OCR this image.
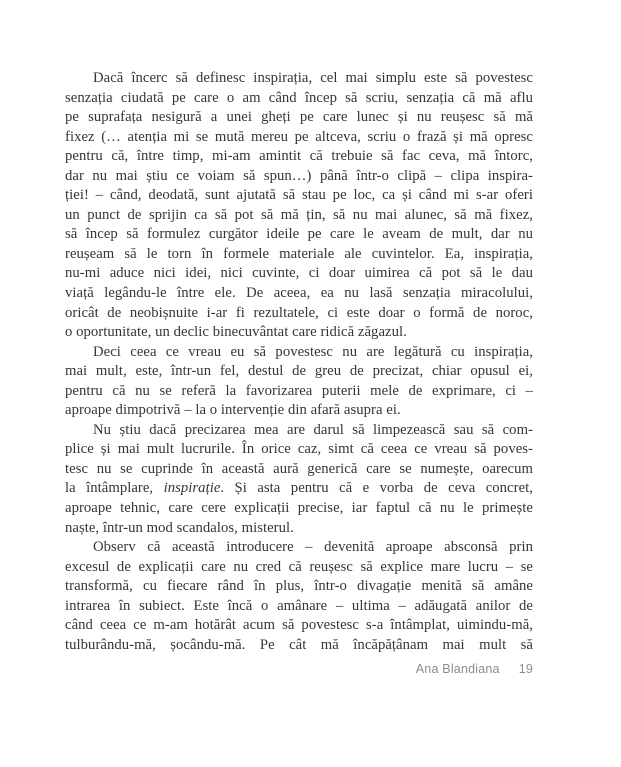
Dacă încerc să definesc inspirația, cel mai simplu este să povestesc
senzația ciudată pe care o am când încep să scriu, senzația că mă aflu
pe suprafața nesigură a unei gheți pe care lunec și nu reușesc să mă
fixez (… atenția mi se mută mereu pe altceva, scriu o frază și mă opresc
pentru că, între timp, mi-am amintit că trebuie să fac ceva, mă întorc,
dar nu mai știu ce voiam să spun…) până într-o clipă – clipa inspira-
ției! – când, deodată, sunt ajutată să stau pe loc, ca și când mi s-ar oferi
un punct de sprijin ca să pot să mă țin, să nu mai alunec, să mă fixez,
să încep să formulez curgător ideile pe care le aveam de mult, dar nu
reușeam să le torn în formele materiale ale cuvintelor. Ea, inspirația,
nu-mi aduce nici idei, nici cuvinte, ci doar uimirea că pot să le dau
viață legându-le între ele. De aceea, ea nu lasă senzația miracolului,
oricât de neobișnuite i-ar fi rezultatele, ci este doar o formă de noroc,
o oportunitate, un declic binecuvântat care ridică zăgazul.
Deci ceea ce vreau eu să povestesc nu are legătură cu inspirația,
mai mult, este, într-un fel, destul de greu de precizat, chiar opusul ei,
pentru că nu se referă la favorizarea puterii mele de exprimare, ci –
aproape dimpotrivă – la o intervenție din afară asupra ei.
Nu știu dacă precizarea mea are darul să limpezească sau să com-
plice și mai mult lucrurile. În orice caz, simt că ceea ce vreau să poves-
tesc nu se cuprinde în această aură generică care se numește, oarecum
la întâmplare, inspirație. Și asta pentru că e vorba de ceva concret,
aproape tehnic, care cere explicații precise, iar faptul că nu le primește
naște, într-un mod scandalos, misterul.
Observ că această introducere – devenită aproape absconsă prin
excesul de explicații care nu cred că reușesc să explice mare lucru – se
transformă, cu fiecare rând în plus, într-o divagație menită să amâne
intrarea în subiect. Este încă o amânare – ultima – adăugată anilor de
când ceea ce m-am hotărât acum să povestesc s-a întâmplat, uimindu-mă,
tulburându-mă, șocându-mă. Pe cât mă încăpățânam mai mult să
Ana Blandiana 19
